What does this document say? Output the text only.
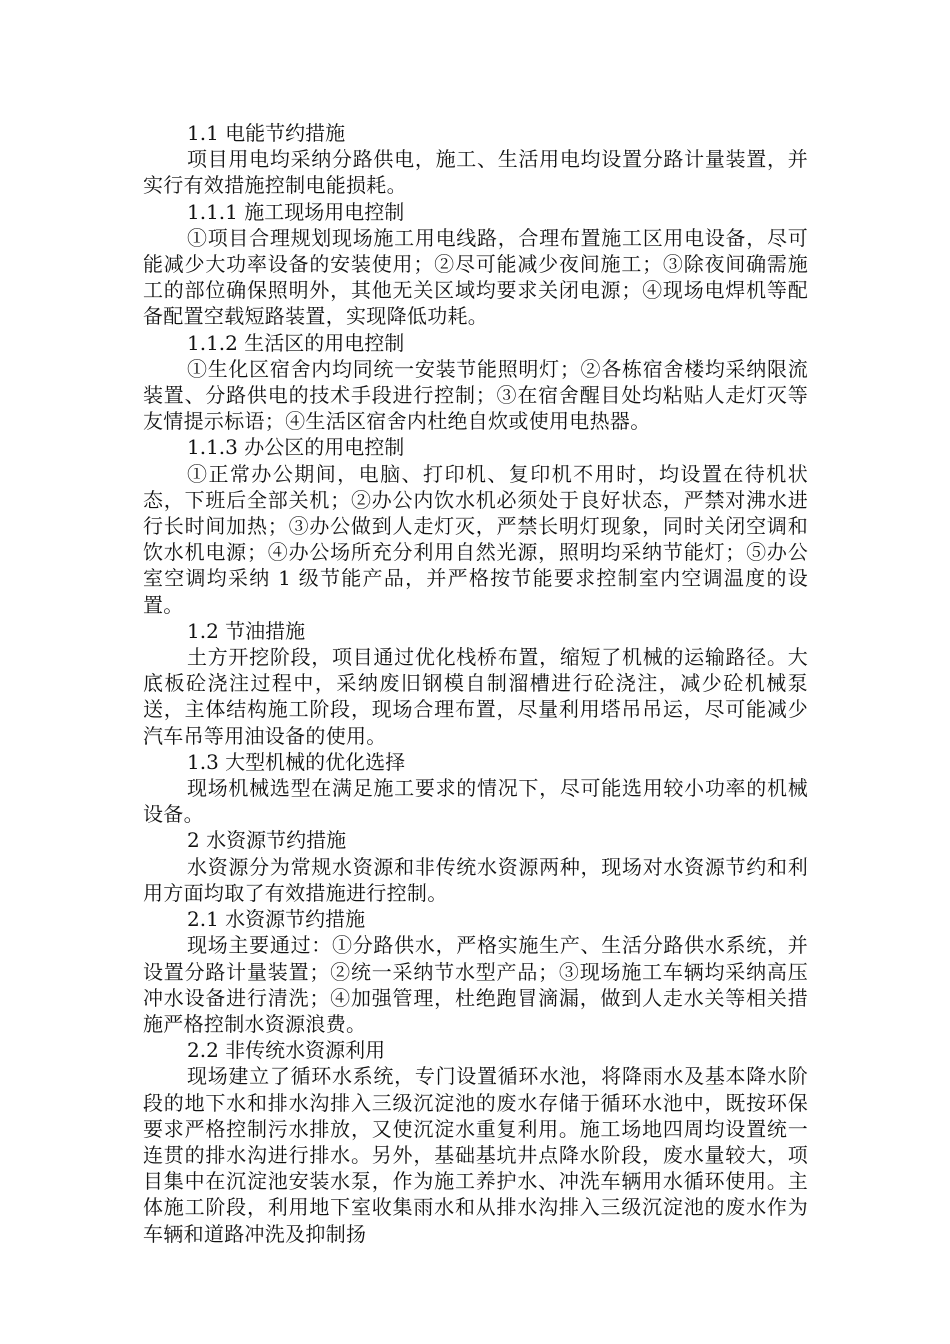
1.1 电能节约措施

项目用电均采纳分路供电，施工、生活用电均设置分路计量装置，并实行有效措施控制电能损耗。

1.1.1 施工现场用电控制

①项目合理规划现场施工用电线路，合理布置施工区用电设备，尽可能减少大功率设备的安装使用；②尽可能减少夜间施工；③除夜间确需施工的部位确保照明外，其他无关区域均要求关闭电源；④现场电焊机等配备配置空载短路装置，实现降低功耗。

1.1.2 生活区的用电控制

①生化区宿舍内均同统一安装节能照明灯；②各栋宿舍楼均采纳限流装置、分路供电的技术手段进行控制；③在宿舍醒目处均粘贴人走灯灭等友情提示标语；④生活区宿舍内杜绝自炊或使用电热器。

1.1.3 办公区的用电控制

①正常办公期间，电脑、打印机、复印机不用时，均设置在待机状态，下班后全部关机；②办公内饮水机必须处于良好状态，严禁对沸水进行长时间加热；③办公做到人走灯灭，严禁长明灯现象，同时关闭空调和饮水机电源；④办公场所充分利用自然光源，照明均采纳节能灯；⑤办公室空调均采纳 1 级节能产品，并严格按节能要求控制室内空调温度的设置。

1.2 节油措施

土方开挖阶段，项目通过优化栈桥布置，缩短了机械的运输路径。大底板砼浇注过程中，采纳废旧钢模自制溜槽进行砼浇注，减少砼机械泵送，主体结构施工阶段，现场合理布置，尽量利用塔吊吊运，尽可能减少汽车吊等用油设备的使用。

1.3 大型机械的优化选择

现场机械选型在满足施工要求的情况下，尽可能选用较小功率的机械设备。

2 水资源节约措施

水资源分为常规水资源和非传统水资源两种，现场对水资源节约和利用方面均取了有效措施进行控制。

2.1 水资源节约措施

现场主要通过：①分路供水，严格实施生产、生活分路供水系统，并设置分路计量装置；②统一采纳节水型产品；③现场施工车辆均采纳高压冲水设备进行清洗；④加强管理，杜绝跑冒滴漏，做到人走水关等相关措施严格控制水资源浪费。

2.2 非传统水资源利用

现场建立了循环水系统，专门设置循环水池，将降雨水及基本降水阶段的地下水和排水沟排入三级沉淀池的废水存储于循环水池中，既按环保要求严格控制污水排放，又使沉淀水重复利用。施工场地四周均设置统一连贯的排水沟进行排水。另外，基础基坑井点降水阶段，废水量较大，项目集中在沉淀池安装水泵，作为施工养护水、冲洗车辆用水循环使用。主体施工阶段，利用地下室收集雨水和从排水沟排入三级沉淀池的废水作为车辆和道路冲洗及抑制扬
